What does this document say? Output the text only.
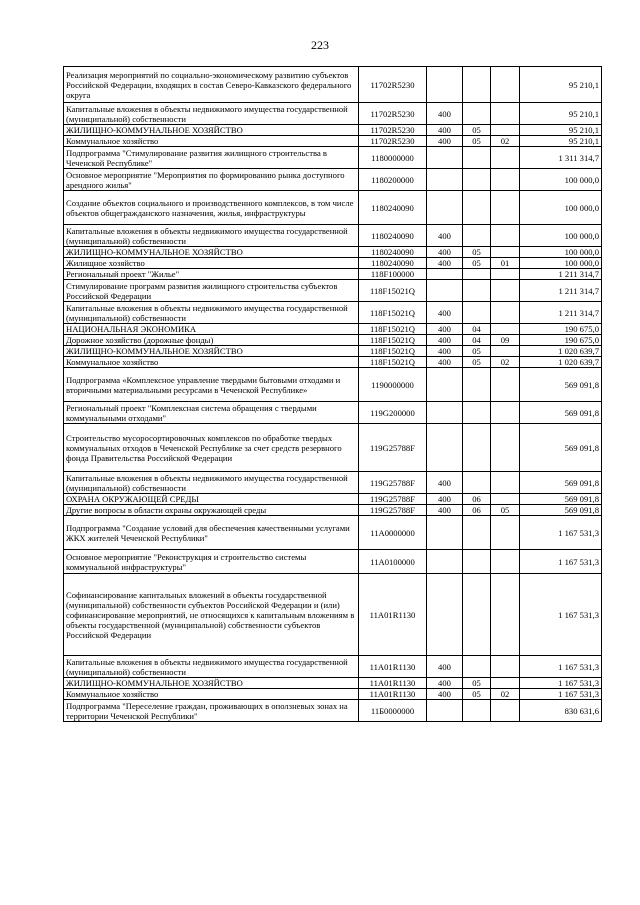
223
Реализация мероприятий по социально-экономическому развитию субъектов Российской Федерации, входящих в состав Северо-Кавказского федерального округа	11702R5230				95 210,1
Капитальные вложения в объекты недвижимого имущества государственной (муниципальной) собственности	11702R5230	400			95 210,1
ЖИЛИЩНО-КОММУНАЛЬНОЕ ХОЗЯЙСТВО	11702R5230	400	05		95 210,1
Коммунальное хозяйство	11702R5230	400	05	02	95 210,1
Подпрограмма "Стимулирование развития жилищного строительства в Чеченской Республике"	1180000000				1 311 314,7
Основное мероприятие "Мероприятия по формированию рынка доступного арендного жилья"	1180200000				100 000,0
Создание объектов социального и производственного комплексов, в том числе объектов общегражданского назначения, жилья, инфраструктуры	1180240090				100 000,0
Капитальные вложения в объекты недвижимого имущества государственной (муниципальной) собственности	1180240090	400			100 000,0
ЖИЛИЩНО-КОММУНАЛЬНОЕ ХОЗЯЙСТВО	1180240090	400	05		100 000,0
Жилищное хозяйство	1180240090	400	05	01	100 000,0
Региональный проект "Жилье"	118F100000				1 211 314,7
Стимулирование программ развития жилищного строительства субъектов Российской Федерации	118F15021Q				1 211 314,7
Капитальные вложения в объекты недвижимого имущества государственной (муниципальной) собственности	118F15021Q	400			1 211 314,7
НАЦИОНАЛЬНАЯ ЭКОНОМИКА	118F15021Q	400	04		190 675,0
Дорожное хозяйство (дорожные фонды)	118F15021Q	400	04	09	190 675,0
ЖИЛИЩНО-КОММУНАЛЬНОЕ ХОЗЯЙСТВО	118F15021Q	400	05		1 020 639,7
Коммунальное хозяйство	118F15021Q	400	05	02	1 020 639,7
Подпрограмма «Комплексное управление твердыми бытовыми отходами и вторичными материальными ресурсами в Чеченской Республике»	1190000000				569 091,8
Региональный проект "Комплексная система обращения с твердыми коммунальными отходами"	119G200000				569 091,8
Строительство мусоросортировочных комплексов по обработке твердых коммунальных отходов в Чеченской Республике за счет средств резервного фонда Правительства Российской Федерации	119G25788F				569 091,8
Капитальные вложения в объекты недвижимого имущества государственной (муниципальной) собственности	119G25788F	400			569 091,8
ОХРАНА ОКРУЖАЮЩЕЙ СРЕДЫ	119G25788F	400	06		569 091,8
Другие вопросы в области охраны окружающей среды	119G25788F	400	06	05	569 091,8
Подпрограмма "Создание условий для обеспечения качественными услугами ЖКХ жителей Чеченской Республики"	11А0000000				1 167 531,3
Основное мероприятие "Реконструкция и строительство системы коммунальной инфраструктуры"	11А0100000				1 167 531,3
Софинансирование капитальных вложений в объекты государственной (муниципальной) собственности субъектов Российской Федерации и (или) софинансирование мероприятий, не относящихся к капитальным вложениям в объекты государственной (муниципальной) собственности субъектов Российской Федерации	11А01R1130				1 167 531,3
Капитальные вложения в объекты недвижимого имущества государственной (муниципальной) собственности	11А01R1130	400			1 167 531,3
ЖИЛИЩНО-КОММУНАЛЬНОЕ ХОЗЯЙСТВО	11А01R1130	400	05		1 167 531,3
Коммунальное хозяйство	11А01R1130	400	05	02	1 167 531,3
Подпрограмма "Переселение граждан, проживающих в оползневых зонах на территории Чеченской Республики"	11Б0000000				830 631,6
